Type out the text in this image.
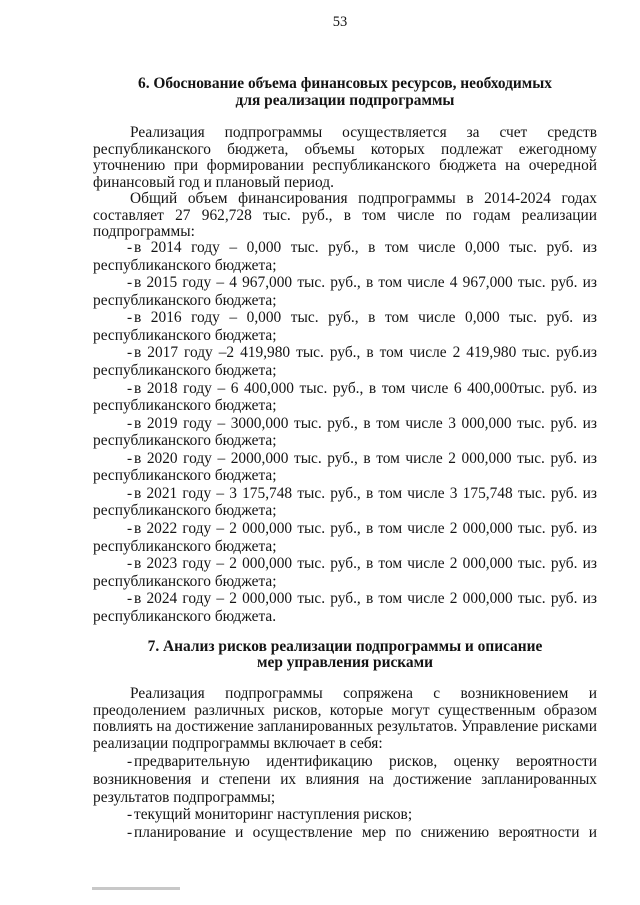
53
6. Обоснование объема финансовых ресурсов, необходимых
для реализации подпрограммы
Реализация подпрограммы осуществляется за счет средств
республиканского бюджета, объемы которых подлежат ежегодному
уточнению при формировании республиканского бюджета на очередной
финансовый год и плановый период.
Общий объем финансирования подпрограммы в 2014-2024 годах
составляет 27 962,728 тыс. руб., в том числе по годам реализации
подпрограммы:
- в 2014 году – 0,000 тыс. руб., в том числе 0,000 тыс. руб. из
республиканского бюджета;
- в 2015 году – 4 967,000 тыс. руб., в том числе 4 967,000 тыс. руб. из
республиканского бюджета;
- в 2016 году – 0,000 тыс. руб., в том числе 0,000 тыс. руб. из
республиканского бюджета;
- в 2017 году –2 419,980 тыс. руб., в том числе 2 419,980 тыс. руб.из
республиканского бюджета;
- в 2018 году – 6 400,000 тыс. руб., в том числе 6 400,000тыс. руб. из
республиканского бюджета;
- в 2019 году – 3000,000 тыс. руб., в том числе 3 000,000 тыс. руб. из
республиканского бюджета;
- в 2020 году – 2000,000 тыс. руб., в том числе 2 000,000 тыс. руб. из
республиканского бюджета;
- в 2021 году – 3 175,748 тыс. руб., в том числе 3 175,748 тыс. руб. из
республиканского бюджета;
- в 2022 году – 2 000,000 тыс. руб., в том числе 2 000,000 тыс. руб. из
республиканского бюджета;
- в 2023 году – 2 000,000 тыс. руб., в том числе 2 000,000 тыс. руб. из
республиканского бюджета;
- в 2024 году – 2 000,000 тыс. руб., в том числе 2 000,000 тыс. руб. из
республиканского бюджета.
7. Анализ рисков реализации подпрограммы и описание
мер управления рисками
Реализация подпрограммы сопряжена с возникновением и
преодолением различных рисков, которые могут существенным образом
повлиять на достижение запланированных результатов. Управление рисками
реализации подпрограммы включает в себя:
- предварительную идентификацию рисков, оценку вероятности
возникновения и степени их влияния на достижение запланированных
результатов подпрограммы;
- текущий мониторинг наступления рисков;
- планирование и осуществление мер по снижению вероятности и
